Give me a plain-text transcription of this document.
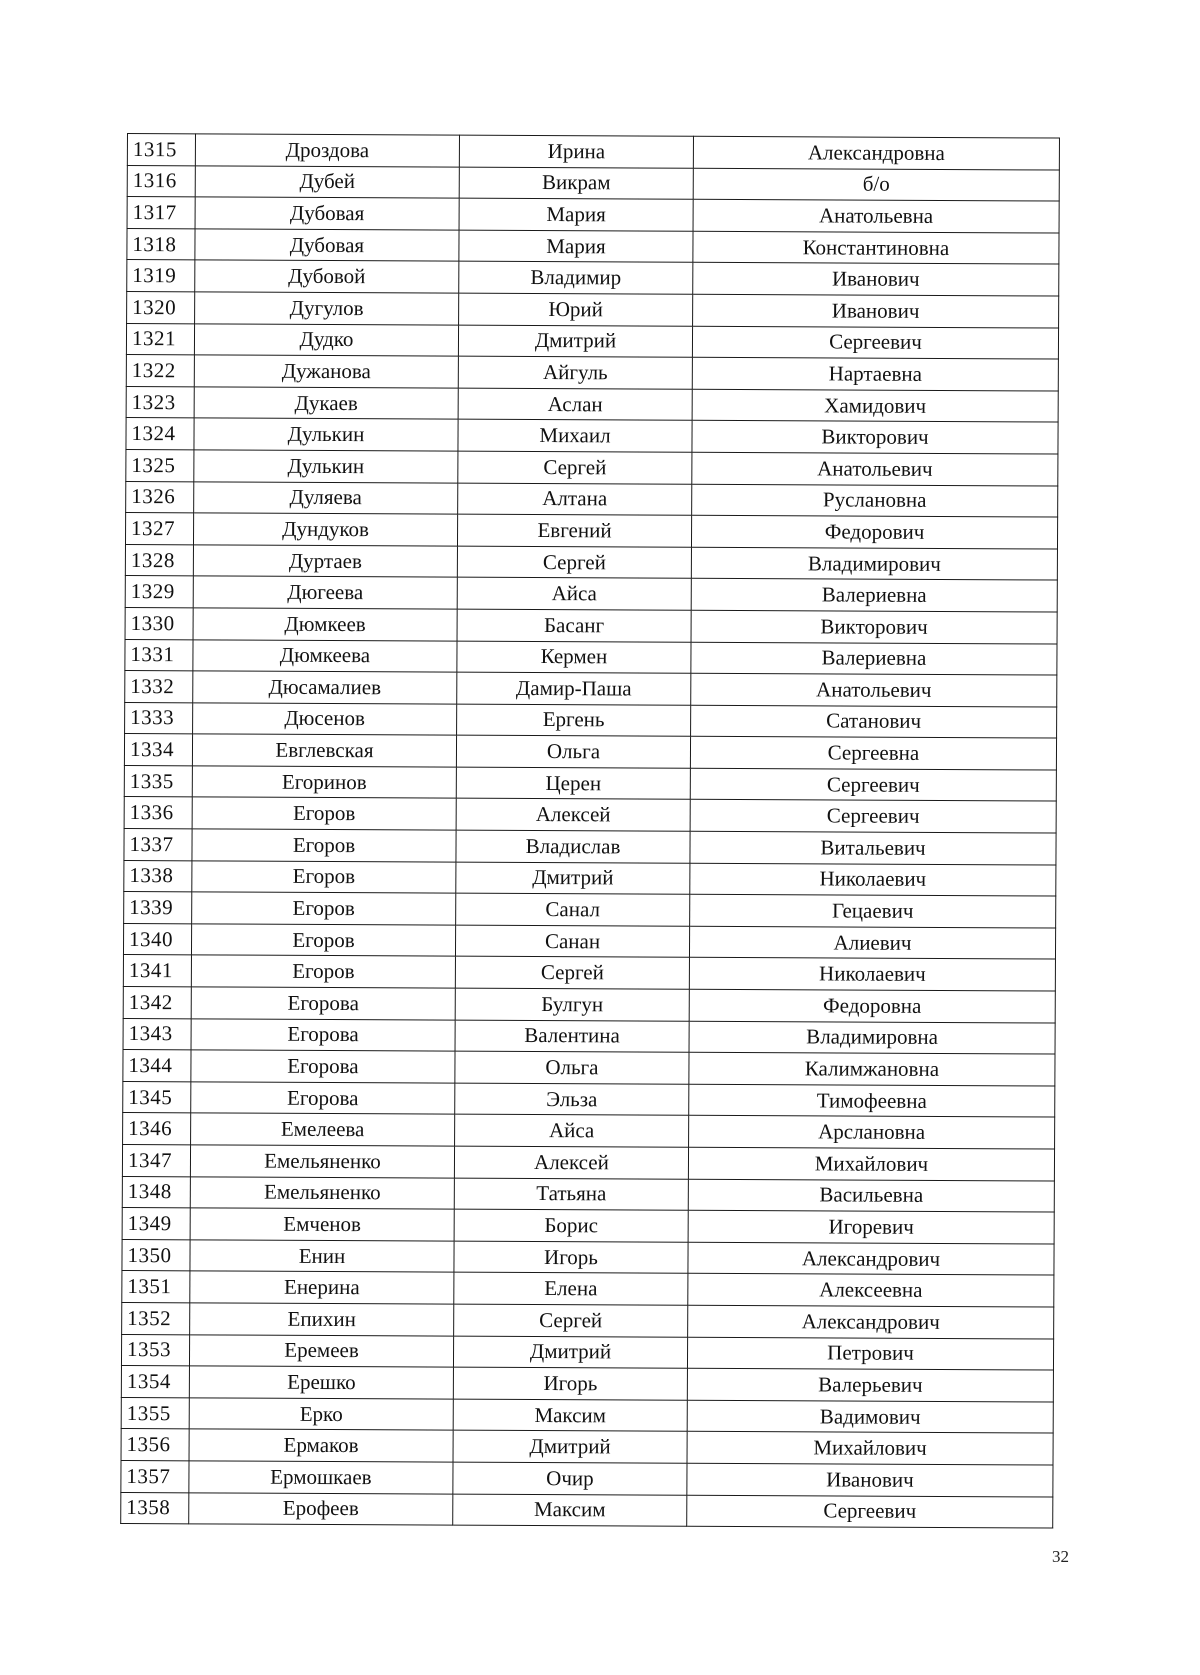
1315	Дроздова	Ирина	Александровна
1316	Дубей	Викрам	б/о
1317	Дубовая	Мария	Анатольевна
1318	Дубовая	Мария	Константиновна
1319	Дубовой	Владимир	Иванович
1320	Дугулов	Юрий	Иванович
1321	Дудко	Дмитрий	Сергеевич
1322	Дужанова	Айгуль	Нартаевна
1323	Дукаев	Аслан	Хамидович
1324	Дулькин	Михаил	Викторович
1325	Дулькин	Сергей	Анатольевич
1326	Дуляева	Алтана	Руслановна
1327	Дундуков	Евгений	Федорович
1328	Дуртаев	Сергей	Владимирович
1329	Дюгеева	Айса	Валериевна
1330	Дюмкеев	Басанг	Викторович
1331	Дюмкеева	Кермен	Валериевна
1332	Дюсамалиев	Дамир-Паша	Анатольевич
1333	Дюсенов	Ергень	Сатанович
1334	Евглевская	Ольга	Сергеевна
1335	Егоринов	Церен	Сергеевич
1336	Егоров	Алексей	Сергеевич
1337	Егоров	Владислав	Витальевич
1338	Егоров	Дмитрий	Николаевич
1339	Егоров	Санал	Гецаевич
1340	Егоров	Санан	Алиевич
1341	Егоров	Сергей	Николаевич
1342	Егорова	Булгун	Федоровна
1343	Егорова	Валентина	Владимировна
1344	Егорова	Ольга	Калимжановна
1345	Егорова	Эльза	Тимофеевна
1346	Емелеева	Айса	Арслановна
1347	Емельяненко	Алексей	Михайлович
1348	Емельяненко	Татьяна	Васильевна
1349	Емченов	Борис	Игоревич
1350	Енин	Игорь	Александрович
1351	Енерина	Елена	Алексеевна
1352	Епихин	Сергей	Александрович
1353	Еремеев	Дмитрий	Петрович
1354	Ерешко	Игорь	Валерьевич
1355	Ерко	Максим	Вадимович
1356	Ермаков	Дмитрий	Михайлович
1357	Ермошкаев	Очир	Иванович
1358	Ерофеев	Максим	Сергеевич
32
